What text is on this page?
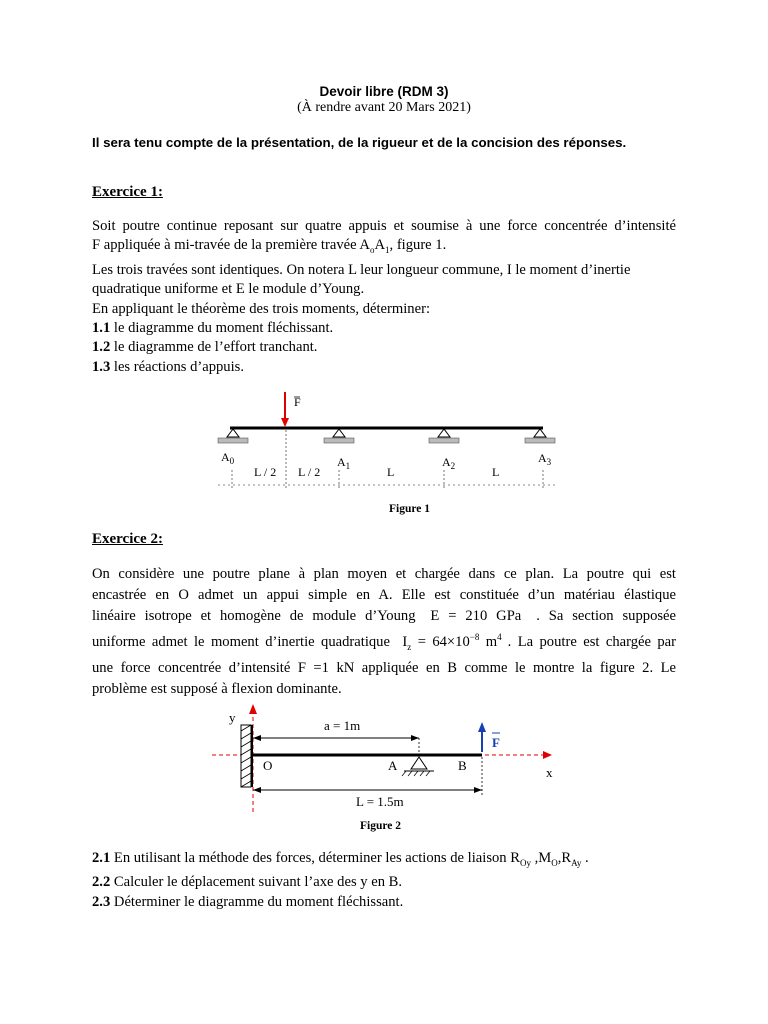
Devoir libre (RDM 3)
(À rendre avant 20 Mars 2021)
Il sera tenu compte de la présentation, de la rigueur et de la concision des réponses.
Exercice 1:
Soit poutre continue reposant sur quatre appuis et soumise à une force concentrée d’intensité
F appliquée à mi-travée de la première travée $A_oA_1$, figure 1.
Les trois travées sont identiques. On notera L leur longueur commune, I le moment d’inertie quadratique uniforme et E le module d’Young.
En appliquant le théorème des trois moments, déterminer:
1.1 le diagramme du moment fléchissant.
1.2 le diagramme de l’effort tranchant.
1.3 les réactions d’appuis.
F
$A_0$	$A_1$	$A_2$
$A_3$
L / 2 L / 2	L	L
Figure 1
Exercice 2:
On considère une poutre plane à plan moyen et chargée dans ce plan. La poutre qui est
encastrée en O admet un appui simple en A. Elle est constituée d’un matériau élastique
linéaire isotrope et homogène de module d’Young E = 210 GPa . Sa section supposée
uniforme admet le moment d’inertie quadratique $I_z = 64\times 10^{-8}$ $m^4$ . La poutre est chargée par
une force concentrée d’intensité F =1 kN appliquée en B comme le montre la figure 2. Le
problème est supposé à flexion dominante.
y
x
F
O	A	B
a = 1m
L = 1.5m
Figure 2
2.1 En utilisant la méthode des forces, déterminer les actions de liaison $R_{Oy}$ $,M_O,R_{Ay}$ .
2.2 Calculer le déplacement suivant l’axe des y en B.
2.3 Déterminer le diagramme du moment fléchissant.
